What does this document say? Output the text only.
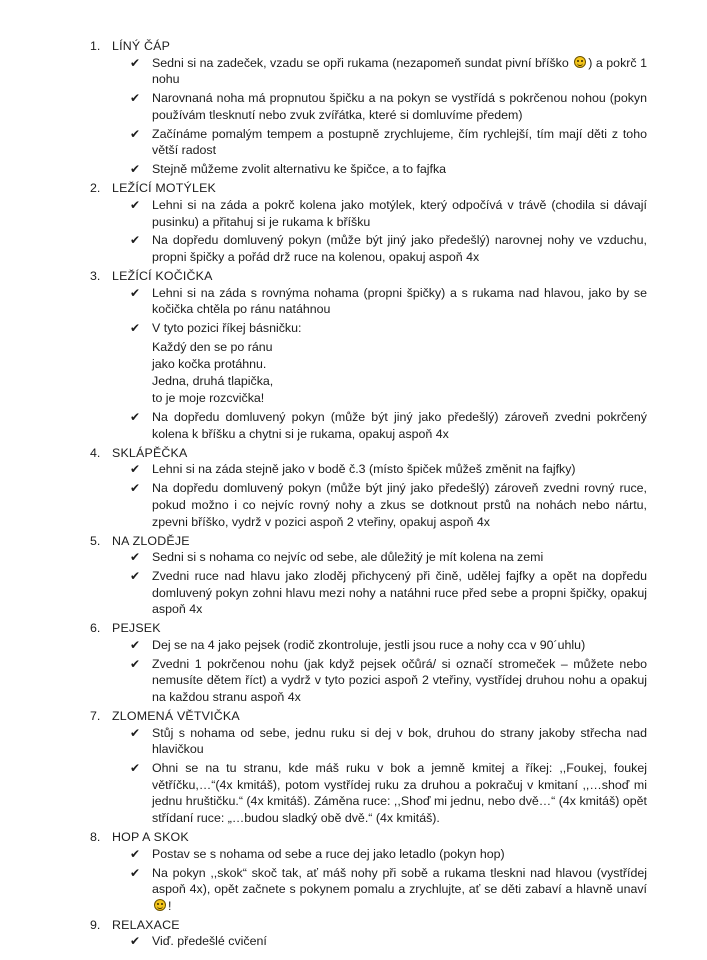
1. LÍNÝ ČÁP
✔ Sedni si na zadeček, vzadu se opři rukama (nezapomeň sundat pivní bříško ) a pokrč 1 nohu
✔ Narovnaná noha má propnutou špičku a na pokyn se vystřídá s pokrčenou nohou (pokyn používám tlesknutí nebo zvuk zvířátka, které si domluvíme předem)
✔ Začínáme pomalým tempem a postupně zrychlujeme, čím rychlejší, tím mají děti z toho větší radost
✔ Stejně můžeme zvolit alternativu ke špičce, a to fajfka
2. LEŽÍCÍ MOTÝLEK
✔ Lehni si na záda a pokrč kolena jako motýlek, který odpočívá v trávě (chodila si dávají pusinku) a přitahuj si je rukama k bříšku
✔ Na dopředu domluvený pokyn (může být jiný jako předešlý) narovnej nohy ve vzduchu, propni špičky a pořád drž ruce na kolenou, opakuj aspoň 4x
3. LEŽÍCÍ KOČIČKA
✔ Lehni si na záda s rovnýma nohama (propni špičky) a s rukama nad hlavou, jako by se kočička chtěla po ránu natáhnou
✔ V tyto pozici říkej básničku:
Každý den se po ránu
jako kočka protáhnu.
Jedna, druhá tlapička,
to je moje rozcvička!
✔ Na dopředu domluvený pokyn (může být jiný jako předešlý) zároveň zvedni pokrčený kolena k bříšku a chytni si je rukama, opakuj aspoň 4x
4. SKLÁPĚČKA
✔ Lehni si na záda stejně jako v bodě č.3 (místo špiček můžeš změnit na fajfky)
✔ Na dopředu domluvený pokyn (může být jiný jako předešlý) zároveň zvedni rovný ruce, pokud možno i co nejvíc rovný nohy a zkus se dotknout prstů na nohách nebo nártu, zpevni bříško, vydrž v pozici aspoň 2 vteřiny, opakuj aspoň 4x
5. NA ZLODĚJE
✔ Sedni si s nohama co nejvíc od sebe, ale důležitý je mít kolena na zemi
✔ Zvedni ruce nad hlavu jako zloděj přichycený při čině, udělej fajfky a opět na dopředu domluvený pokyn zohni hlavu mezi nohy a natáhni ruce před sebe a propni špičky, opakuj aspoň 4x
6. PEJSEK
✔ Dej se na 4 jako pejsek (rodič zkontroluje, jestli jsou ruce a nohy cca v 90´uhlu)
✔ Zvedni 1 pokrčenou nohu (jak když pejsek očůrá/ si označí stromeček – můžete nebo nemusíte dětem říct) a vydrž v tyto pozici aspoň 2 vteřiny, vystřídej druhou nohu a opakuj na každou stranu aspoň 4x
7. ZLOMENÁ VĚTVIČKA
✔ Stůj s nohama od sebe, jednu ruku si dej v bok, druhou do strany jakoby střecha nad hlavičkou
✔ Ohni se na tu stranu, kde máš ruku v bok a jemně kmitej a říkej: ,,Foukej, foukej větříčku,…“(4x kmitáš), potom vystřídej ruku za druhou a pokračuj v kmitaní ,,…shoď mi jednu hruštičku.“ (4x kmitáš). Záměna ruce: ,,Shoď mi jednu, nebo dvě…“ (4x kmitáš) opět střídaní ruce: „…budou sladký obě dvě.“ (4x kmitáš).
8. HOP A SKOK
✔ Postav se s nohama od sebe a ruce dej jako letadlo (pokyn hop)
✔ Na pokyn ,,skok“ skoč tak, ať máš nohy při sobě a rukama tleskni nad hlavou (vystřídej aspoň 4x), opět začnete s pokynem pomalu a zrychlujte, ať se děti zabaví a hlavně unaví !
9. RELAXACE
✔ Viď. předešlé cvičení
